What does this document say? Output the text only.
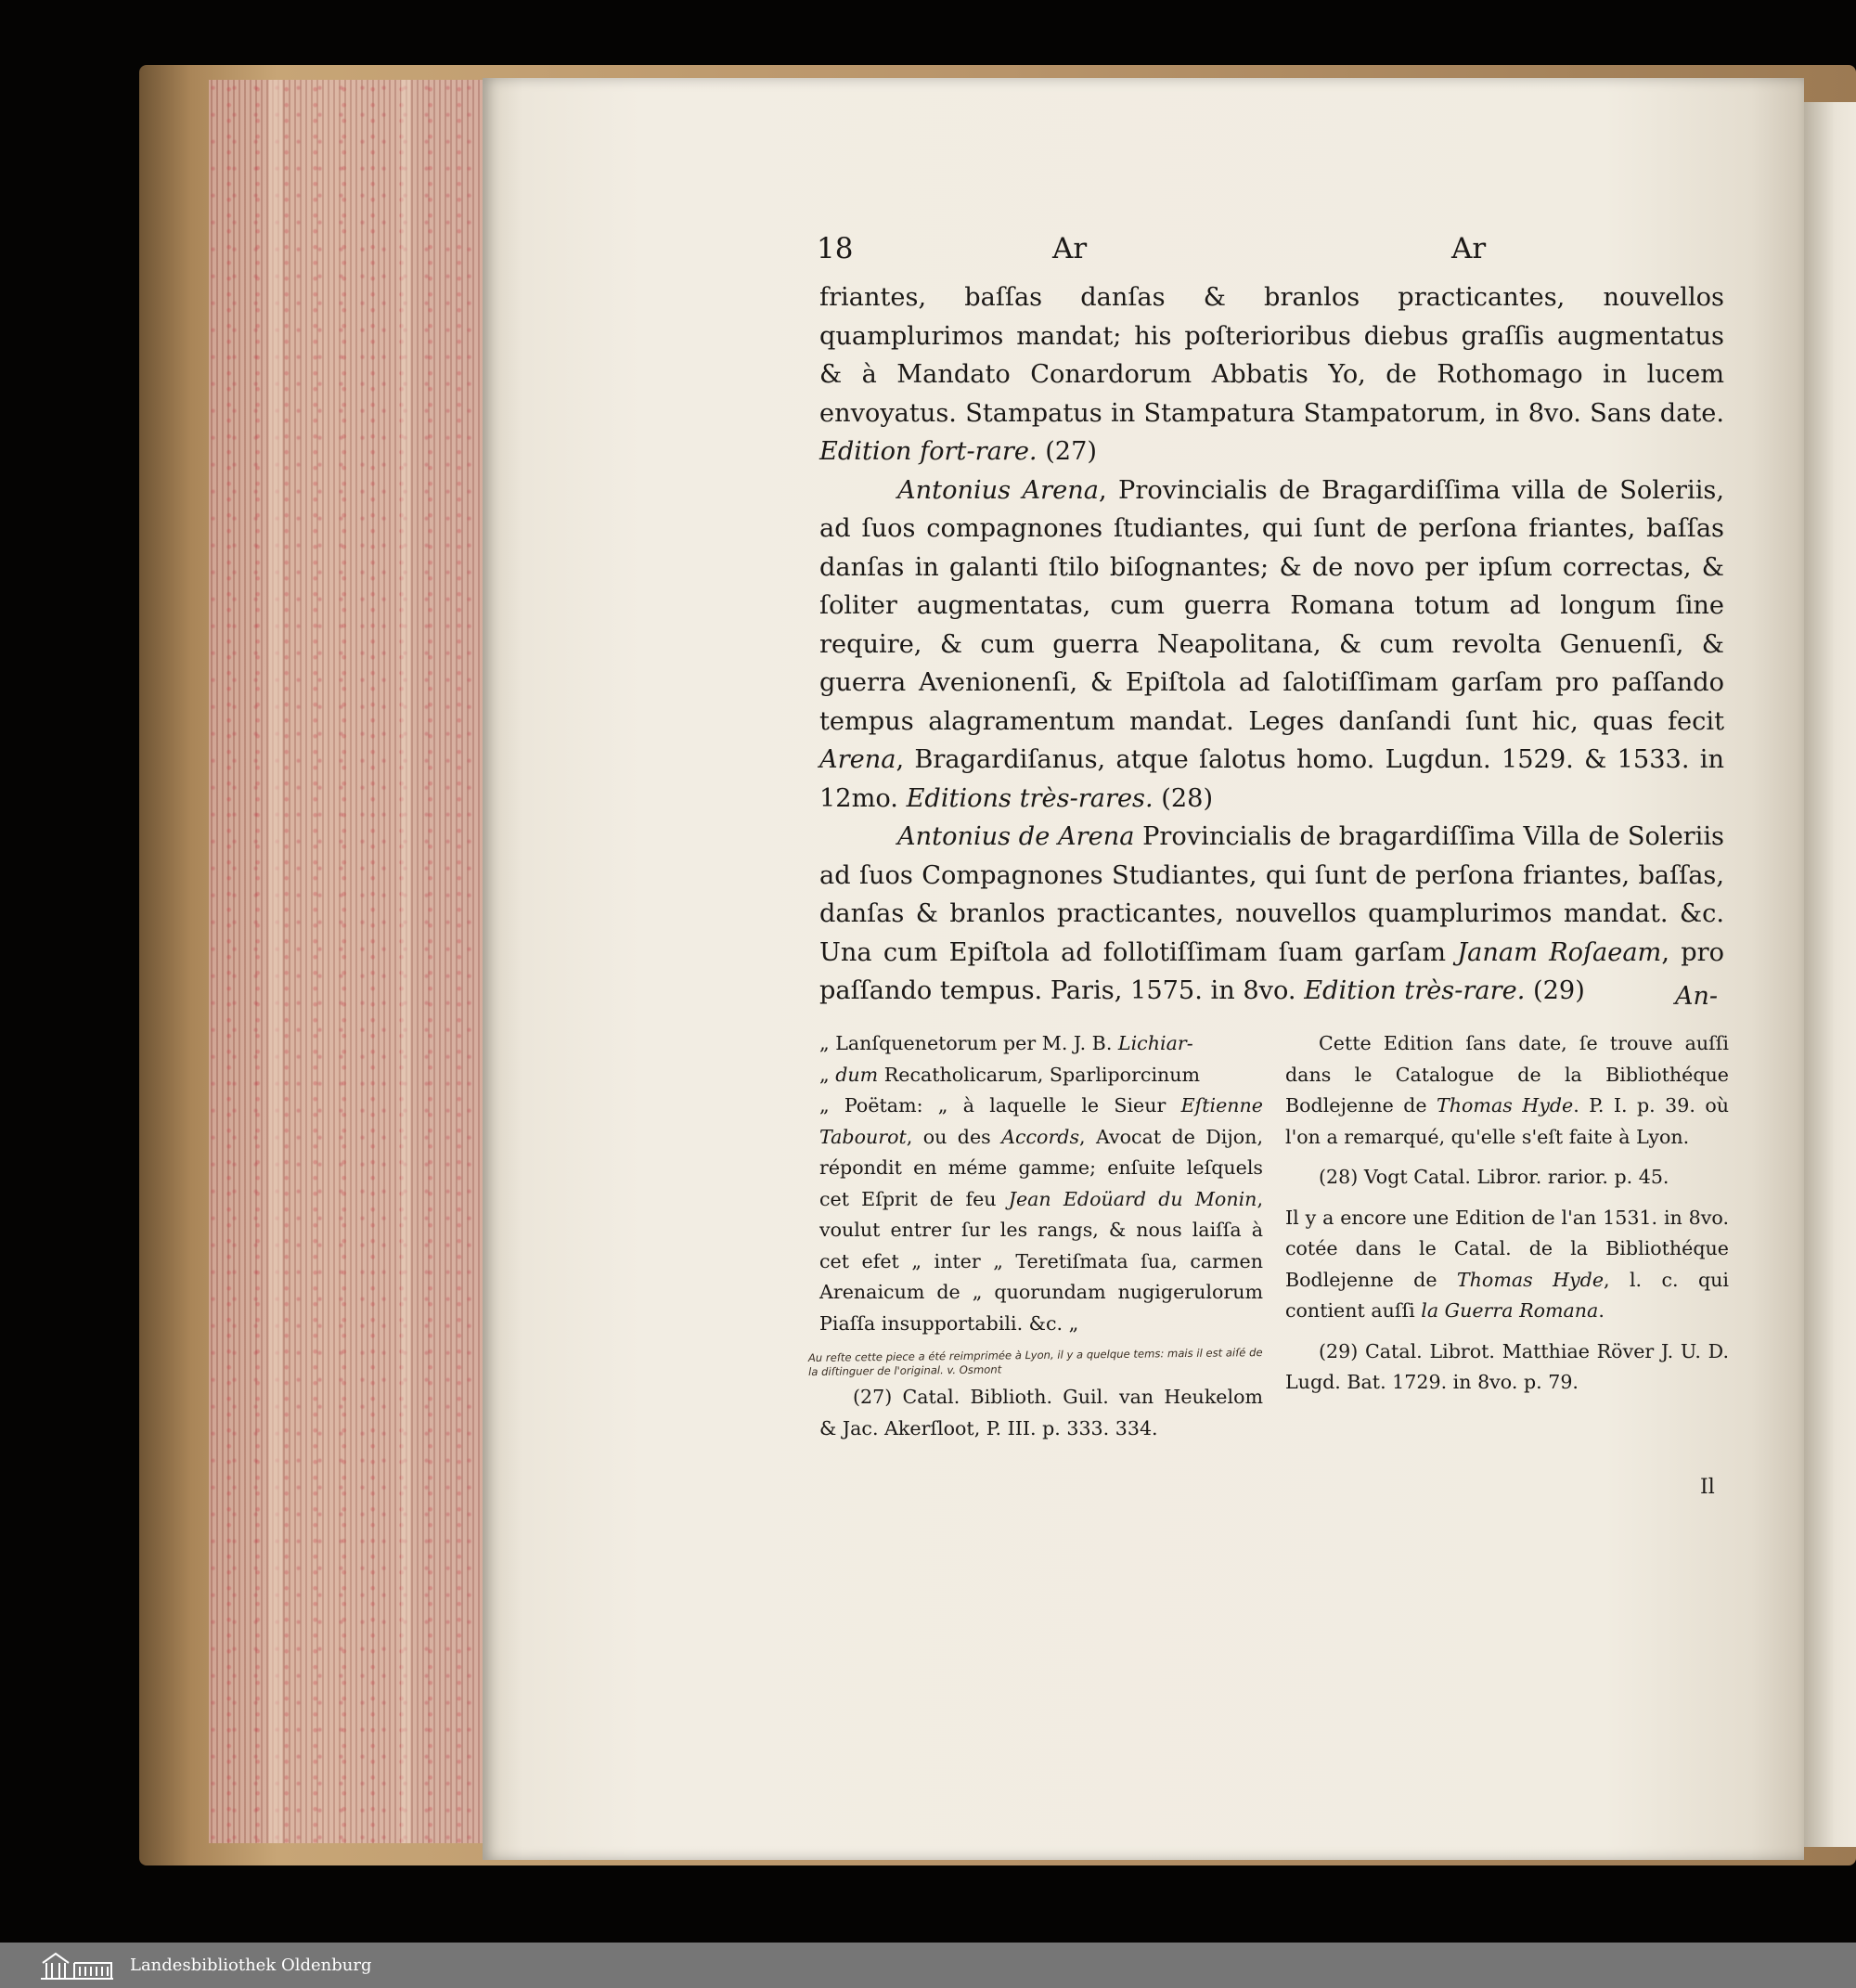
18	Ar	Ar

friantes, baſſas danſas & branlos practicantes, nouvellos quamplurimos mandat; his poſterioribus diebus graſſis augmentatus & à Mandato Conardorum Abbatis Yo, de Rothomago in lucem envoyatus. Stampatus in Stampatura Stampatorum, in 8vo. Sans date. Edition fort-rare. (27)

Antonius Arena, Provincialis de Bragardiſſima villa de Soleriis, ad ſuos compagnones ſtudiantes, qui ſunt de perſona friantes, baſſas danſas in galanti ſtilo biſognantes; & de novo per ipſum correctas, & ſoliter augmentatas, cum guerra Romana totum ad longum ſine require, & cum guerra Neapolitana, & cum revolta Genuenſi, & guerra Avenionenſi, & Epiſtola ad ſalotiſſimam garſam pro paſſando tempus alagramentum mandat. Leges danſandi ſunt hic, quas fecit Arena, Bragardiſanus, atque ſalotus homo. Lugdun. 1529. & 1533. in 12mo. Editions très-rares. (28)

Antonius de Arena Provincialis de bragardiſſima Villa de Soleriis ad ſuos Compagnones Studiantes, qui ſunt de perſona friantes, baſſas, danſas & branlos practicantes, nouvellos quamplurimos mandat. &c. Una cum Epiſtola ad follotiſſimam ſuam garſam Janam Roſaeam, pro paſſando tempus. Paris, 1575. in 8vo. Edition très-rare. (29)	An-
„ Lanſquenetorum per M. J. B. Lichiar-
„ dum Recatholicarum, Sparliporcinum
„ Poëtam: „ à laquelle le Sieur Eſtienne Tabourot, ou des Accords, Avocat de Dijon, répondit en méme gamme; enſuite leſquels cet Eſprit de feu Jean Edoüard du Monin, voulut entrer ſur les rangs, & nous laiſſa à cet efet „ inter „ Teretiſmata ſua, carmen Arenaicum de „ quorundam nugigerulorum Piaſſa insupportabili. &c. „
Au reſte cette piece a été reimprimée à Lyon, il y a quelque tems: mais il est aiſé de la diſtinguer de l'original. v. Osmont
(27) Catal. Biblioth. Guil. van Heukelom & Jac. Akerſloot, P. III. p. 333. 334.
Cette Edition ſans date, ſe trouve auſſi dans le Catalogue de la Bibliothéque Bodlejenne de Thomas Hyde. P. I. p. 39. où l'on a remarqué, qu'elle s'eſt faite à Lyon.
(28) Vogt Catal. Libror. rarior. p. 45.
Il y a encore une Edition de l'an 1531. in 8vo. cotée dans le Catal. de la Bibliothéque Bodlejenne de Thomas Hyde, l. c. qui contient auſſi la Guerra Romana.
(29) Catal. Librot. Matthiae Röver J. U. D. Lugd. Bat. 1729. in 8vo. p. 79.
Il
Landesbibliothek Oldenburg
